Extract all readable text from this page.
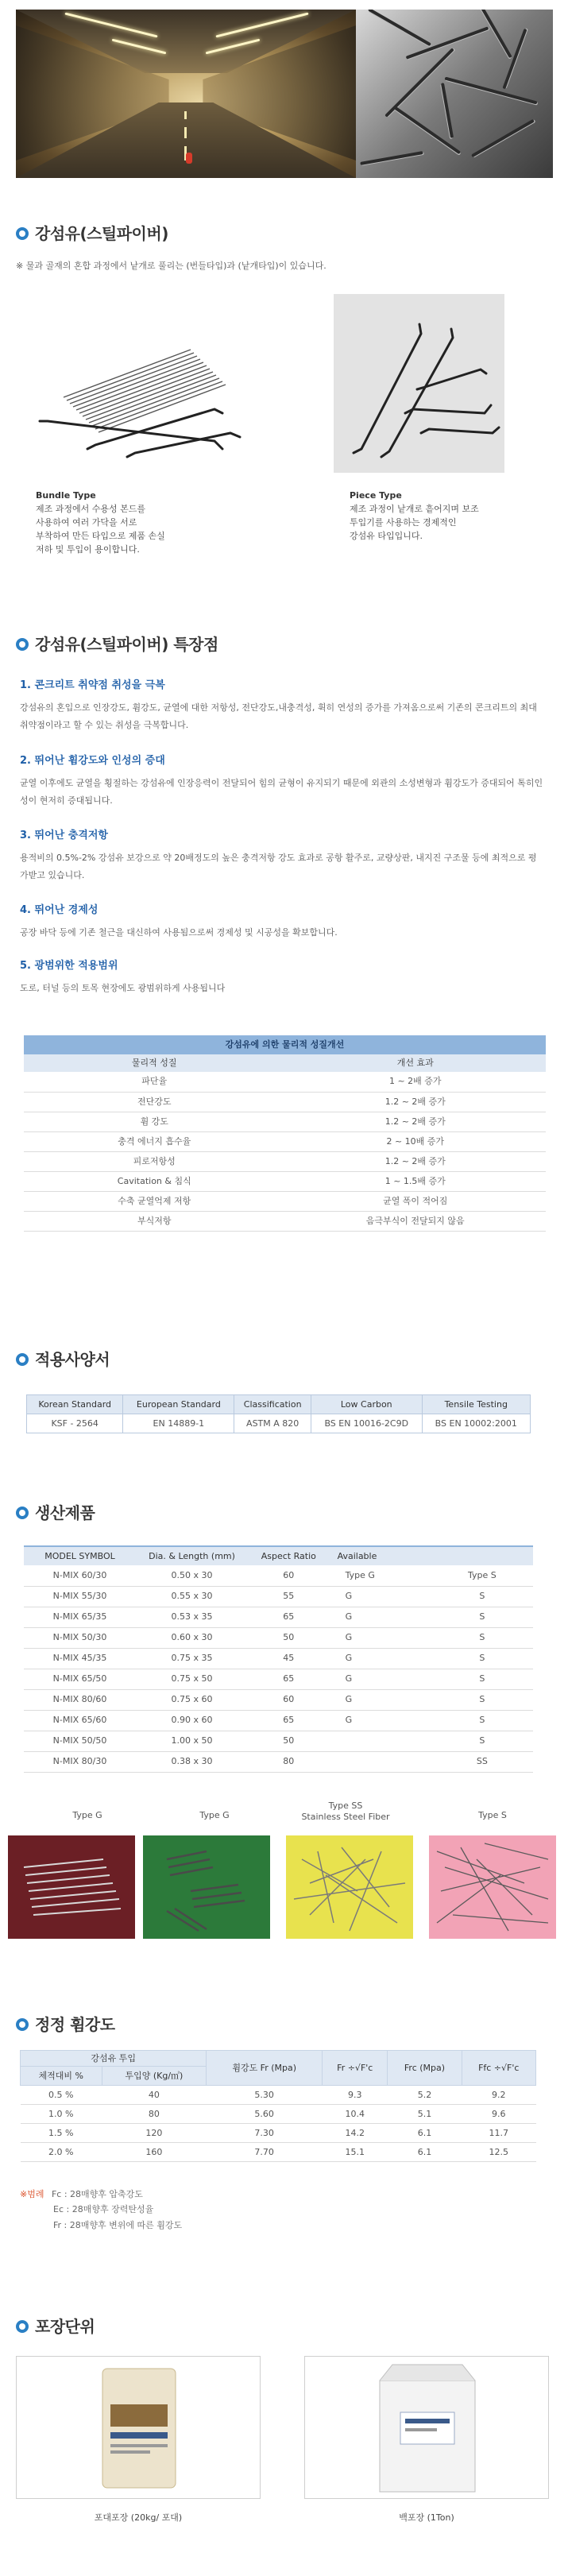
강섬유(스틸파이버)
※ 물과 골재의 혼합 과정에서 낱개로 풀리는 (번들타입)과 (낱개타입)이 있습니다.
Bundle Type
제조 과정에서 수용성 본드를
사용하여 여러 가닥을 서로
부착하여 만든 타입으로 제품 손실
저하 및 투입이 용이합니다.
Piece Type
제조 과정이 낱개로 흩어지며 보조
투입기를 사용하는 경제적인
강섬유 타입입니다.
강섬유(스틸파이버) 특장점
1. 콘크리트 취약점 취성을 극복

강섬유의 혼입으로 인장강도, 휨강도, 균열에 대한 저항성, 전단강도,내충격성, 휙히 연성의 증가를 가져옴으로써 기존의 콘크리트의 최대 취약점이라고 할 수 있는 취성을 극복합니다.

2. 뛰어난 휨강도와 인성의 증대

균열 이후에도 균열을 횡절하는 강섬유에 인장응력이 전달되어 힘의 균형이 유지되기 때문에 외관의 소성변형과 휨강도가 증대되어 톡히인성이 현저히 증대됩니다.

3. 뛰어난 충격저항

용적비의 0.5%-2% 강섬유 보강으로 약 20배정도의 높은 충격저항 강도 효과로 공항 활주로, 교량상판, 내지진 구조물 등에 최적으로 평가받고 있습니다.

4. 뛰어난 경제성

공장 바닥 등에 기존 철근을 대신하여 사용됨으로써 경제성 및 시공성을 확보합니다.

5. 광범위한 적용범위

도로, 터널 등의 토목 현장에도 광범위하게 사용됩니다

강섬유에 의한 물리적 성질개선	
물리적 성질	개선 효과
파단율	1 ~ 2배 증가
전단강도	1.2 ~ 2배 증가
휨 강도	1.2 ~ 2배 증가
충격 에너지 흡수율	2 ~ 10배 증가
피로저항성	1.2 ~ 2배 증가
Cavitation & 침식	1 ~ 1.5배 증가
수축 균열억제 저항	균열 폭이 적어짐
부식저항	음극부식이 전달되지 않음
적용사양서
Korean Standard	European Standard	Classification	Low Carbon	Tensile Testing
KSF - 2564	EN 14889-1	ASTM A 820	BS EN 10016-2C9D	BS EN 10002:2001
생산제품
MODEL SYMBOL	Dia. & Length (mm)	Aspect Ratio	Available	
N-MIX 60/30	0.50 x 30	60	Type G	Type S
N-MIX 55/30	0.55 x 30	55	G	S
N-MIX 65/35	0.53 x 35	65	G	S
N-MIX 50/30	0.60 x 30	50	G	S
N-MIX 45/35	0.75 x 35	45	G	S
N-MIX 65/50	0.75 x 50	65	G	S
N-MIX 80/60	0.75 x 60	60	G	S
N-MIX 65/60	0.90 x 60	65	G	S
N-MIX 50/50	1.00 x 50	50		S
N-MIX 80/30	0.38 x 30	80		SS
Type G	Type G
Type SS
Stainless Steel Fiber	Type S
정정 휨강도
강섬유 투입		휨강도 Fr (Mpa)	Fr ÷√F'c	Frc (Mpa)	Ffc ÷√F'c
체적대비 %	투입양 (Kg/㎥)				
0.5 %	40	5.30	9.3	5.2	9.2
1.0 %	80	5.60	10.4	5.1	9.6
1.5 %	120	7.30	14.2	6.1	11.7
2.0 %	160	7.70	15.1	6.1	12.5
※범례 Fc : 28매향후 압축강도
Ec : 28매향후 장력탄성율
Fr : 28매향후 변위에 따른 휨강도
포장단위
포대포장 (20kg/ 포대)	백포장 (1Ton)
